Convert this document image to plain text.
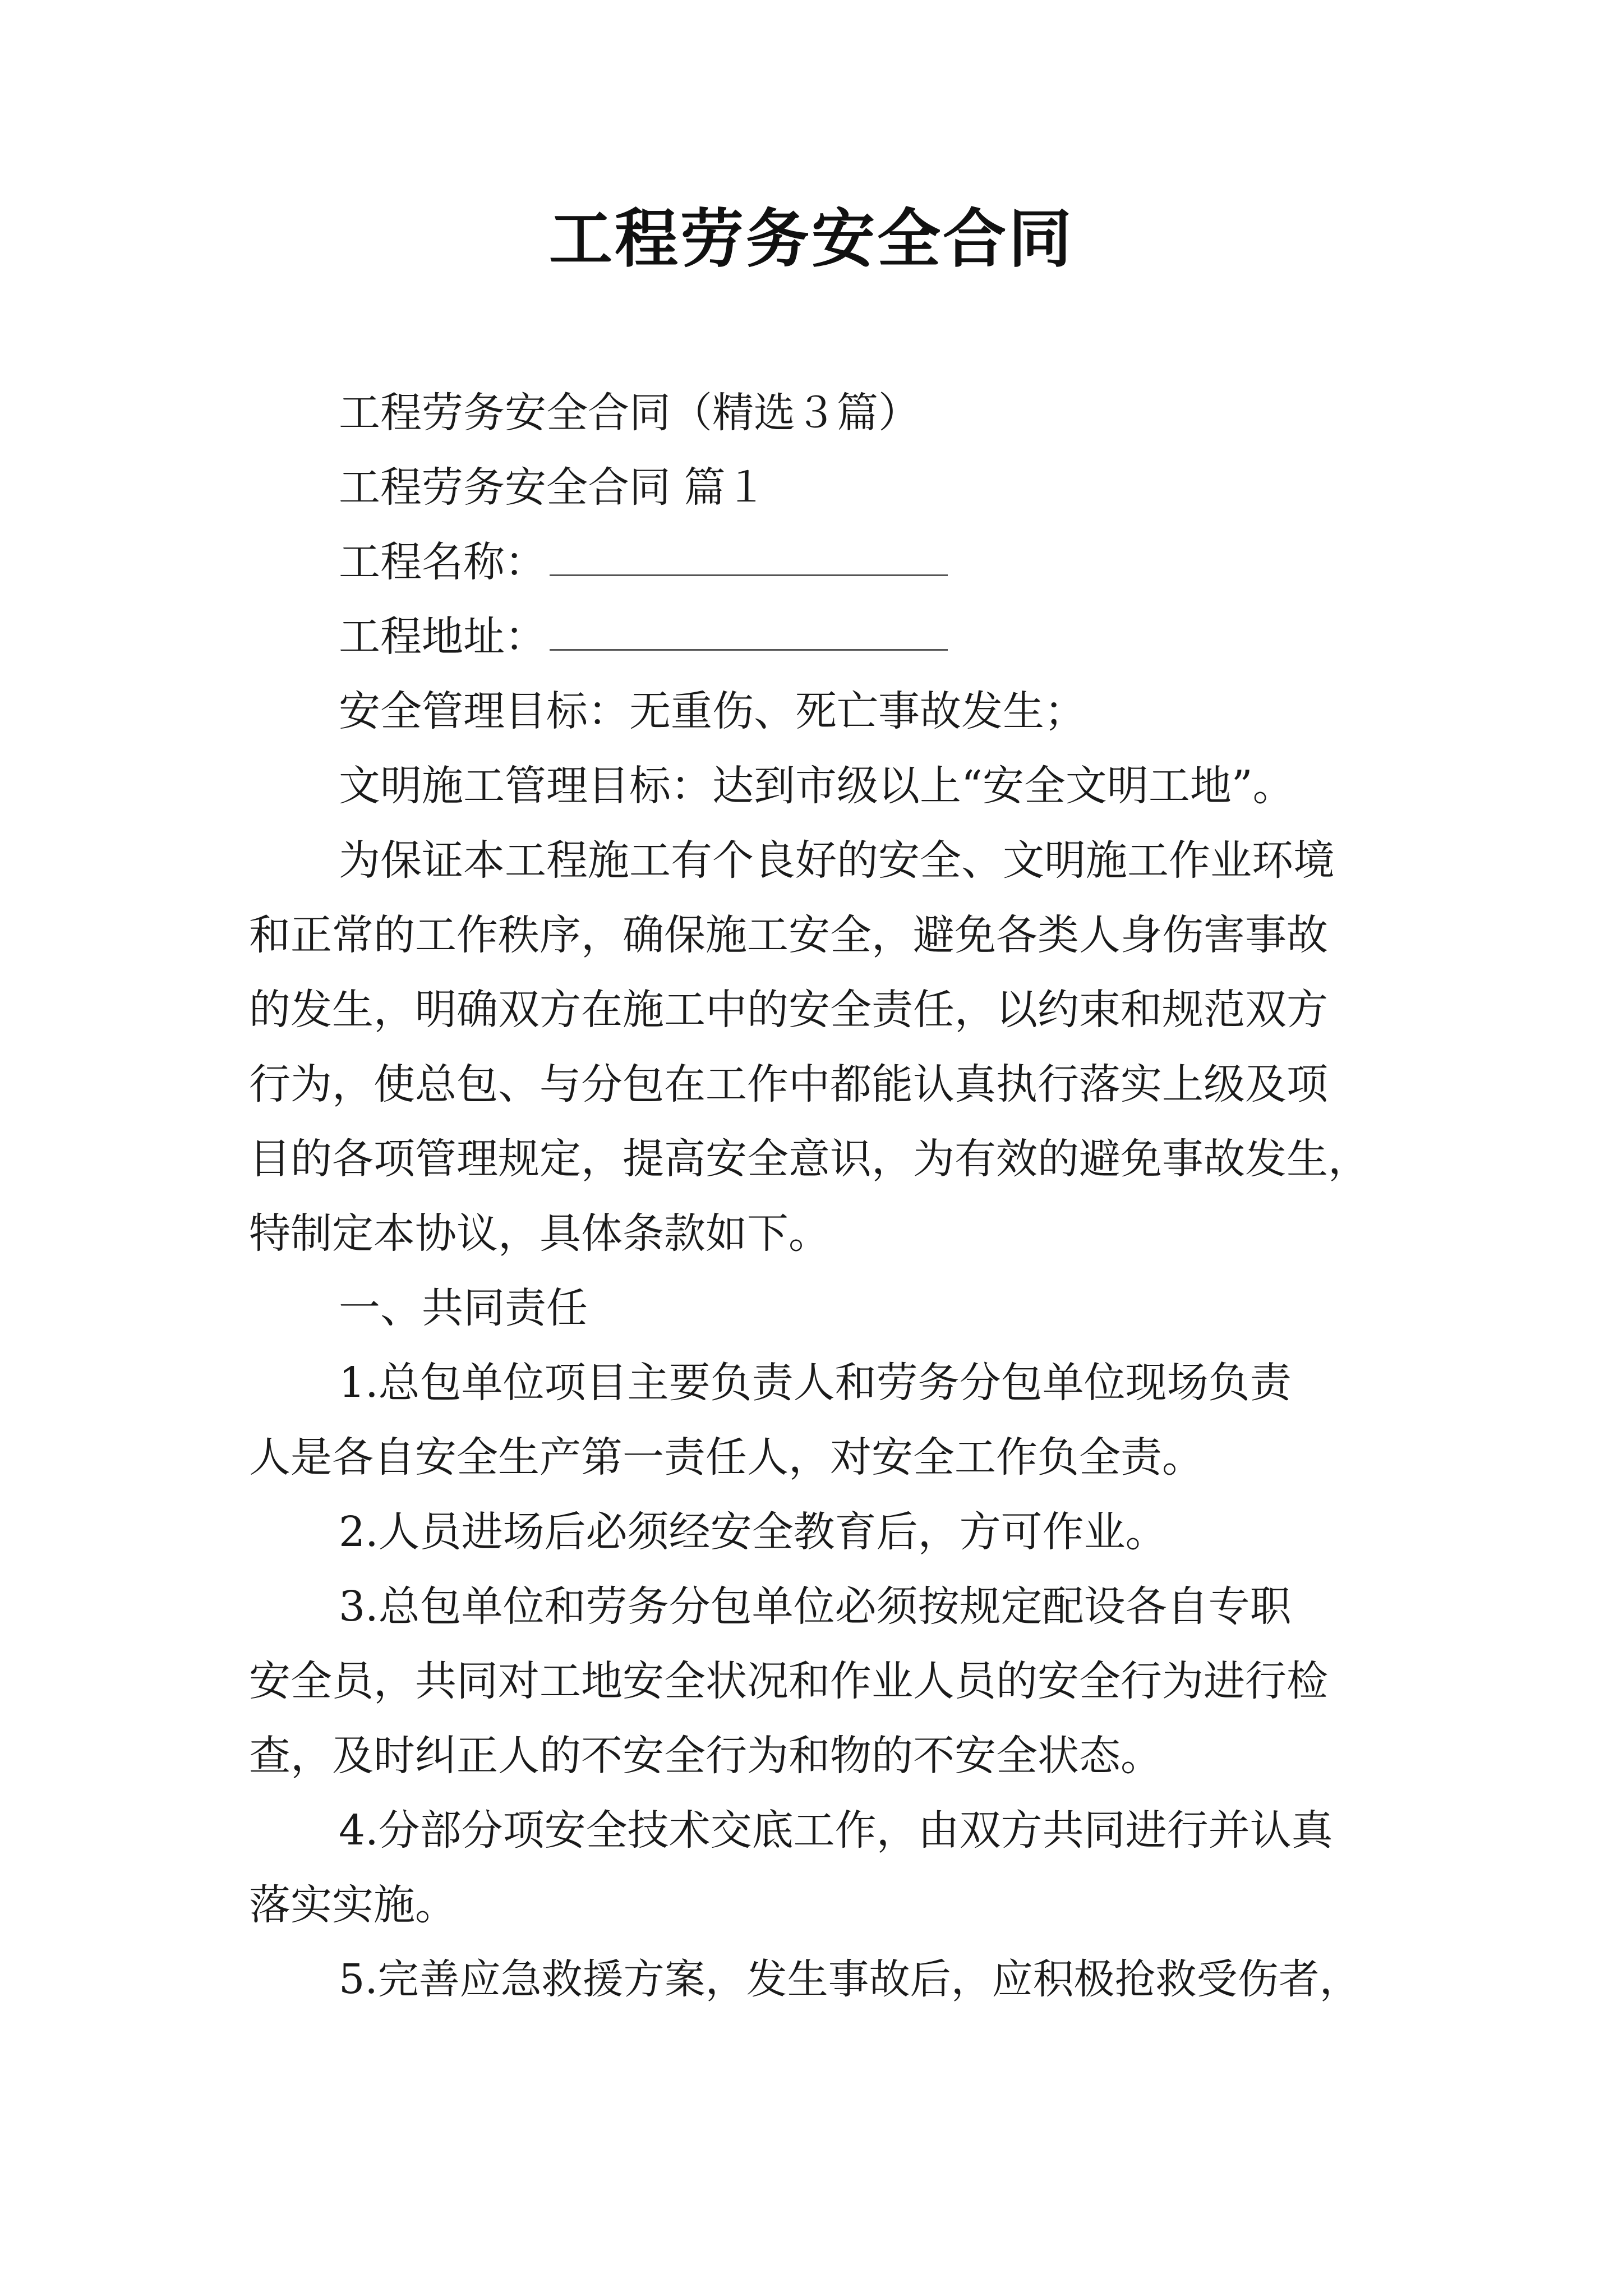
工程劳务安全合同
工程劳务安全合同（精选３篇）
工程劳务安全合同 篇１
工程名称：
工程地址：
安全管理目标：无重伤、死亡事故发生；
文明施工管理目标：达到市级以上“安全文明工地”。
为保证本工程施工有个良好的安全、文明施工作业环境
和正常的工作秩序，确保施工安全，避免各类人身伤害事故
的发生，明确双方在施工中的安全责任，以约束和规范双方
行为，使总包、与分包在工作中都能认真执行落实上级及项
目的各项管理规定，提高安全意识，为有效的避免事故发生，
特制定本协议，具体条款如下。
一、共同责任
1.总包单位项目主要负责人和劳务分包单位现场负责
人是各自安全生产第一责任人，对安全工作负全责。
2.人员进场后必须经安全教育后，方可作业。
3.总包单位和劳务分包单位必须按规定配设各自专职
安全员，共同对工地安全状况和作业人员的安全行为进行检
查，及时纠正人的不安全行为和物的不安全状态。
4.分部分项安全技术交底工作，由双方共同进行并认真
落实实施。
5.完善应急救援方案，发生事故后，应积极抢救受伤者，
